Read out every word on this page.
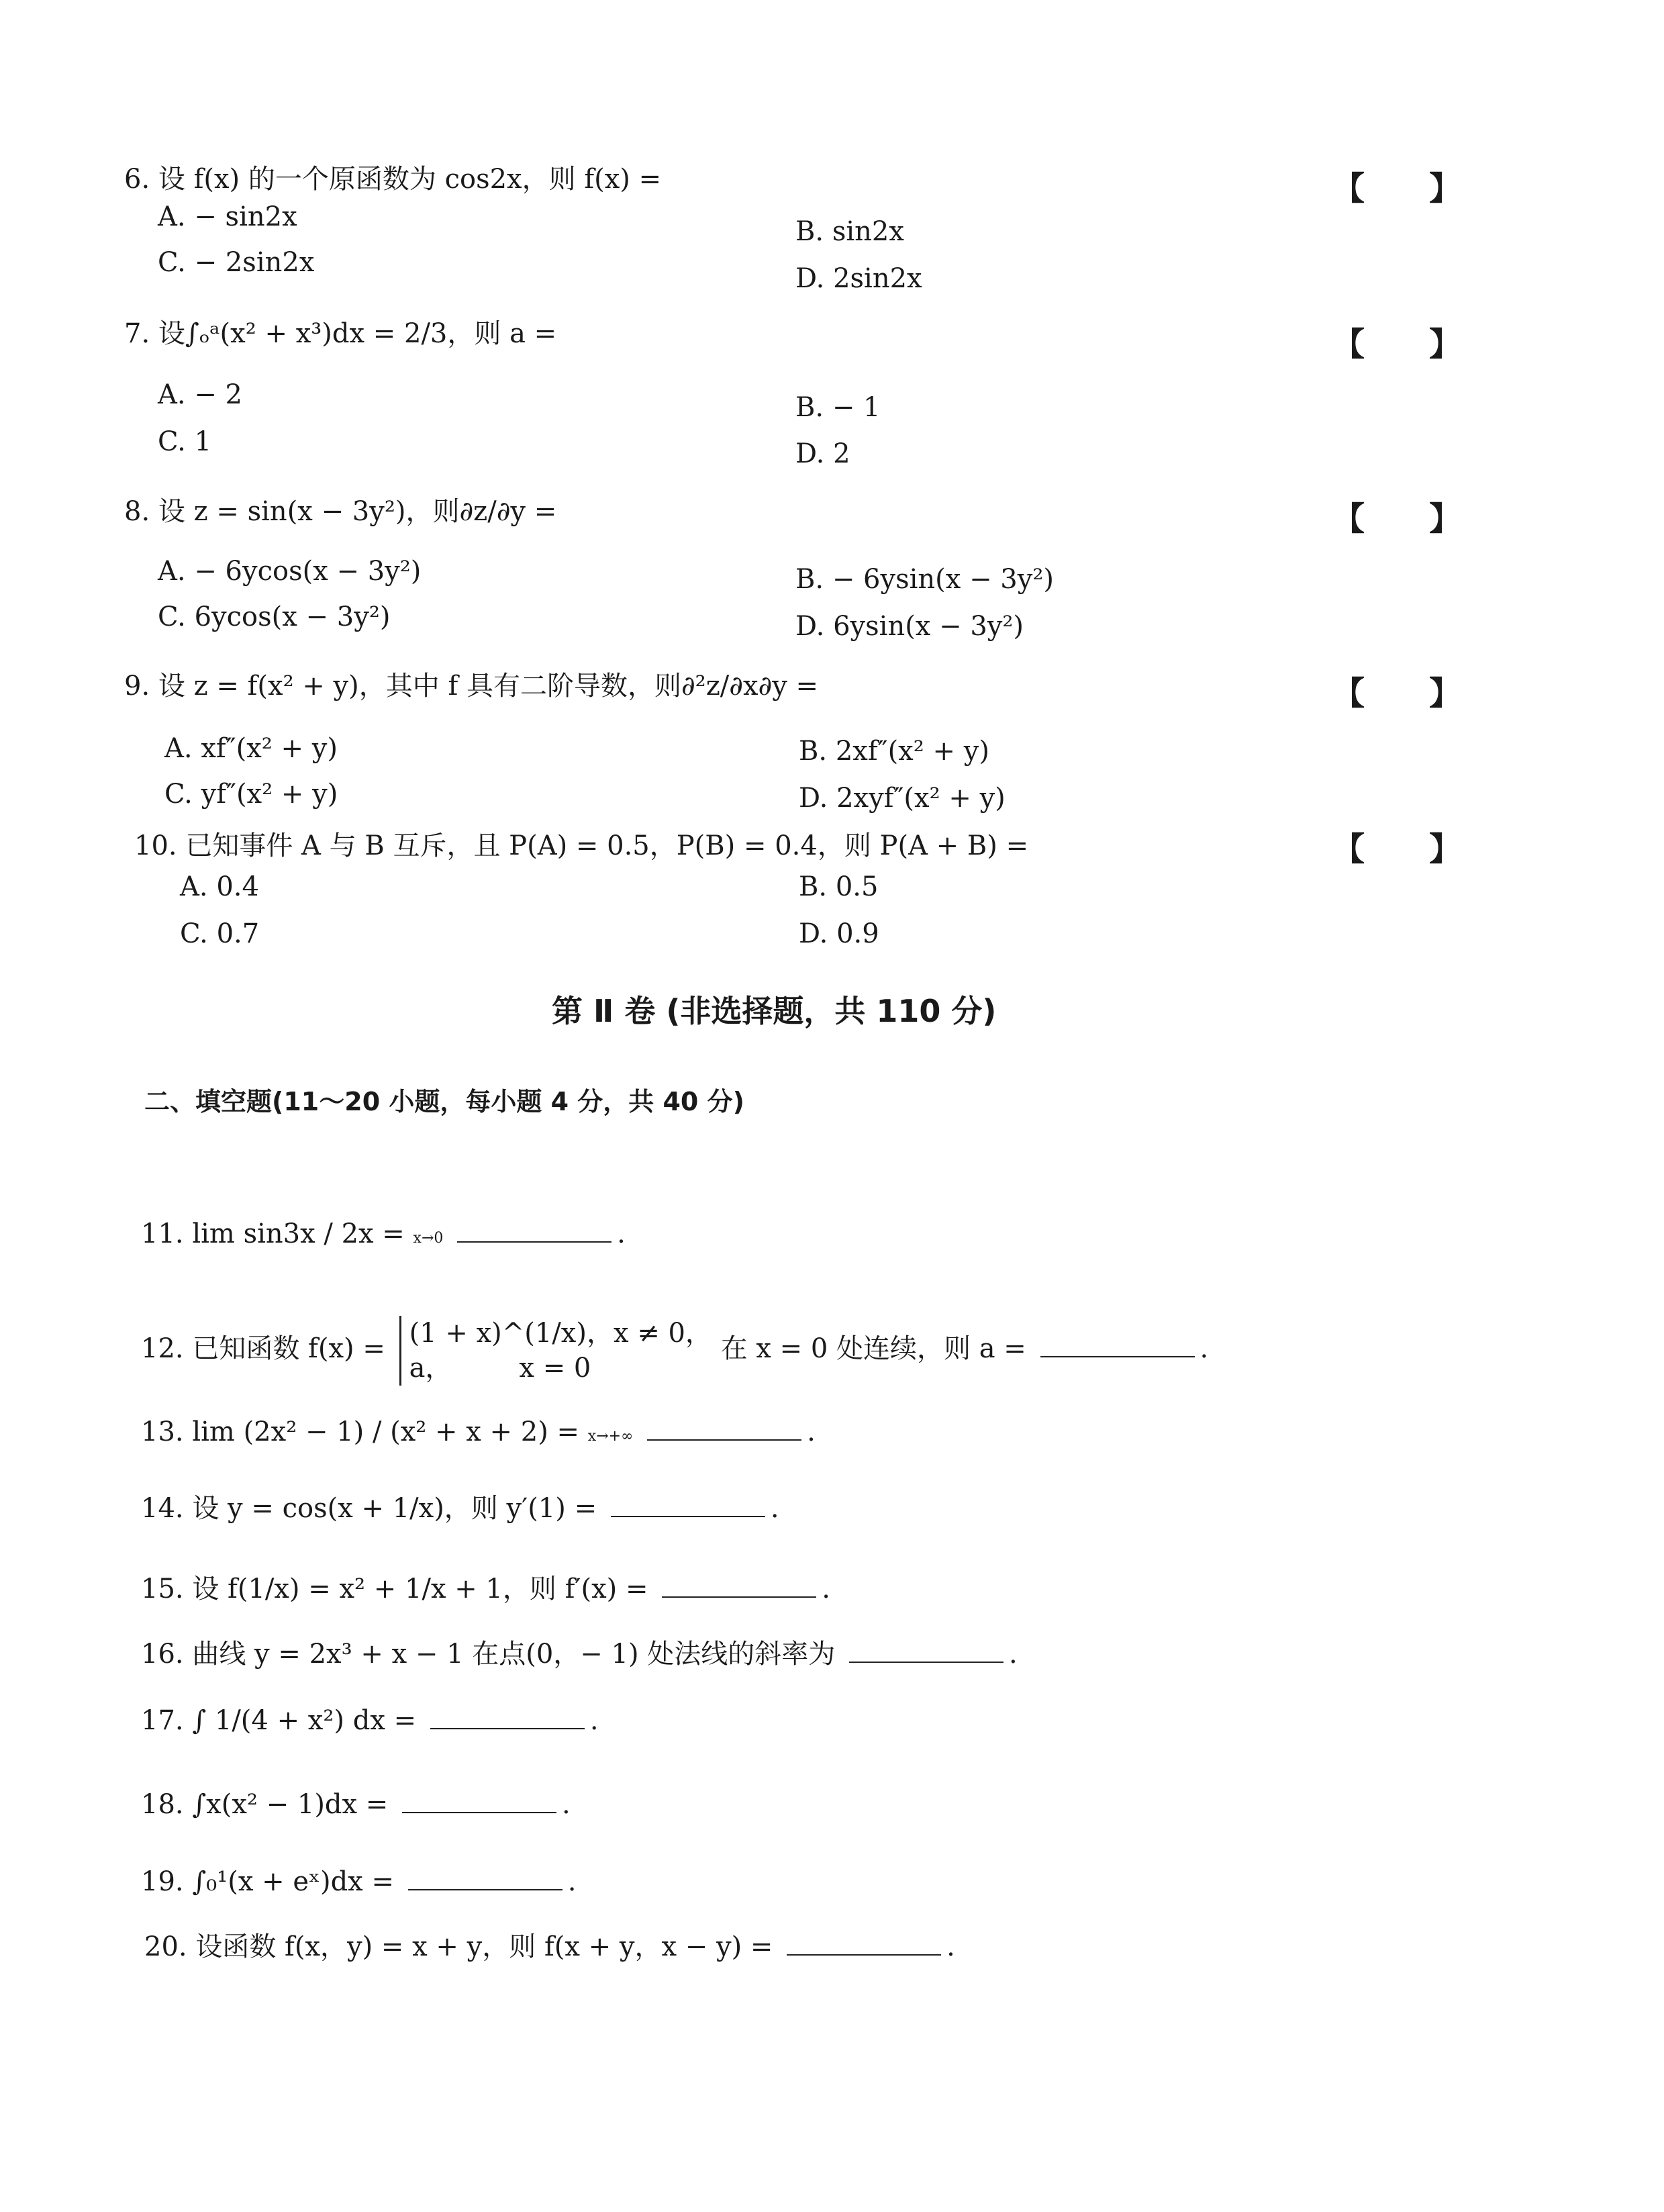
6. 设 f(x) 的一个原函数为 cos2x，则 f(x) =	【　　】
A. − sin2x	B. sin2x
C. − 2sin2x
D. 2sin2x
7. 设∫ₒᵃ(x² + x³)dx = 2/3，则 a =	【　　】
A. − 2	B. − 1
C. 1	D. 2
8. 设 z = sin(x − 3y²)，则∂z/∂y =	【　　】
A. − 6ycos(x − 3y²)	B. − 6ysin(x − 3y²)
C. 6ycos(x − 3y²)	D. 6ysin(x − 3y²)
9. 设 z = f(x² + y)，其中 f 具有二阶导数，则∂²z/∂x∂y =	【　　】
A. xf″(x² + y)	B. 2xf″(x² + y)
C. yf″(x² + y)	D. 2xyf″(x² + y)
10. 已知事件 A 与 B 互斥，且 P(A) = 0.5，P(B) = 0.4，则 P(A + B) =	【　　】
A. 0.4	B. 0.5
C. 0.7	D. 0.9
第 Ⅱ 卷 (非选择题，共 110 分)
二、填空题(11～20 小题，每小题 4 分，共 40 分)
11. lim sin3x / 2x = x→0	.
12. 已知函数 f(x) = (1 + x)^(1/x)，x ≠ 0，
a，　　　x = 0
在 x = 0 处连续，则 a =	.
13. lim (2x² − 1) / (x² + x + 2) = x→+∞	.
14. 设 y = cos(x + 1/x)，则 y′(1) =	.
15. 设 f(1/x) = x² + 1/x + 1，则 f′(x) =	.
16. 曲线 y = 2x³ + x − 1 在点(0，− 1) 处法线的斜率为	.
17. ∫ 1/(4 + x²) dx =	.
18. ∫x(x² − 1)dx =	.
19. ∫₀¹(x + eˣ)dx =	.
20. 设函数 f(x，y) = x + y，则 f(x + y，x − y) =	.
